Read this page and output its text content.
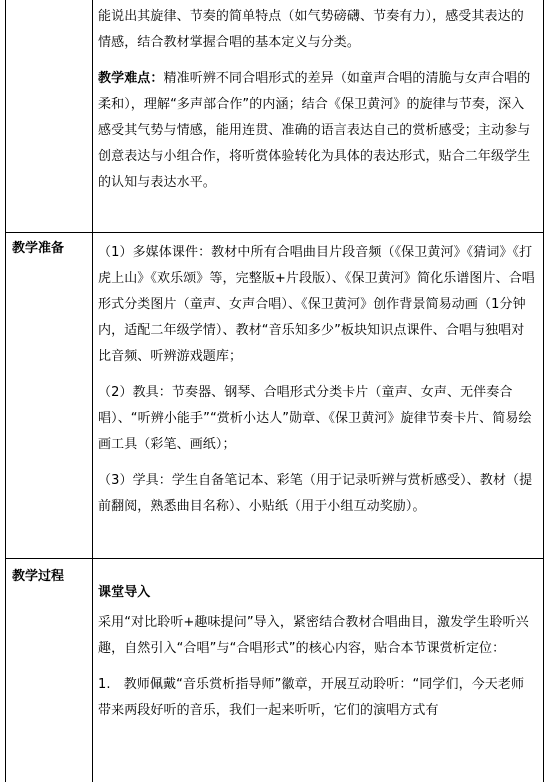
能说出其旋律、节奏的简单特点（如气势磅礴、节奏有力），感受其表达的情感，结合教材掌握合唱的基本定义与分类。

教学难点：精准听辨不同合唱形式的差异（如童声合唱的清脆与女声合唱的柔和），理解“多声部合作”的内涵；结合《保卫黄河》的旋律与节奏，深入感受其气势与情感，能用连贯、准确的语言表达自己的赏析感受；主动参与创意表达与小组合作，将听赏体验转化为具体的表达形式，贴合二年级学生的认知与表达水平。

教学准备	（1）多媒体课件：教材中所有合唱曲目片段音频（《保卫黄河》《猜词》《打虎上山》《欢乐颂》等，完整版+片段版）、《保卫黄河》简化乐谱图片、合唱形式分类图片（童声、女声合唱）、《保卫黄河》创作背景简易动画（1分钟内，适配二年级学情）、教材“音乐知多少”板块知识点课件、合唱与独唱对比音频、听辨游戏题库；

（2）教具：节奏器、钢琴、合唱形式分类卡片（童声、女声、无伴奏合唱）、“听辨小能手”“赏析小达人”勋章、《保卫黄河》旋律节奏卡片、简易绘画工具（彩笔、画纸）；

（3）学具：学生自备笔记本、彩笔（用于记录听辨与赏析感受）、教材（提前翻阅，熟悉曲目名称）、小贴纸（用于小组互动奖励）。

教学过程

课堂导入

采用“对比聆听+趣味提问”导入，紧密结合教材合唱曲目，激发学生聆听兴趣，自然引入“合唱”与“合唱形式”的核心内容，贴合本节课赏析定位：

1.　教师佩戴“音乐赏析指导师”徽章，开展互动聆听：“同学们，今天老师带来两段好听的音乐，我们一起来听听，它们的演唱方式有
